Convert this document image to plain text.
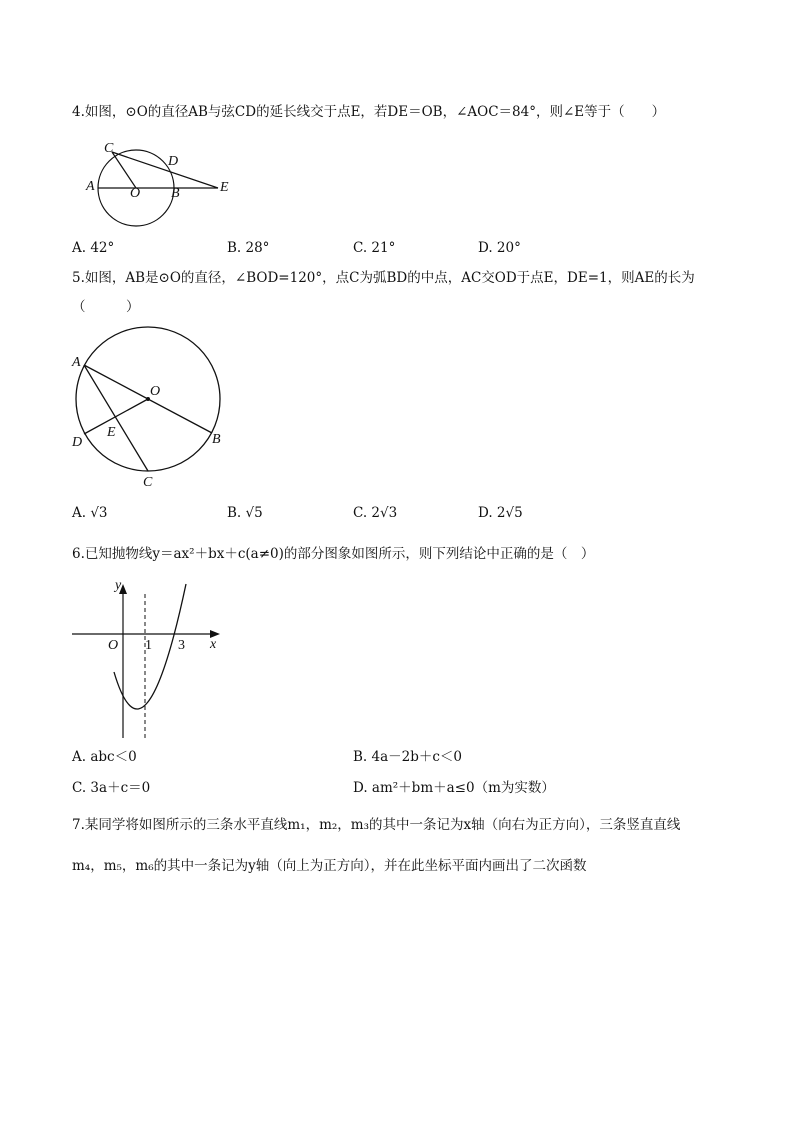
4.如图，⊙O的直径AB与弦CD的延长线交于点E，若DE＝OB，∠AOC＝84°，则∠E等于（　　）
C
D
A	O B	E
A. 42°	B. 28°	C. 21°	D. 20°
5.如图，AB是⊙O的直径，∠BOD=120°，点C为弧BD的中点，AC交OD于点E，DE=1，则AE的长为
（　　　）
A
O
E	B
D
C
A. √3	B. √5	C. 2√3	D. 2√5
6.已知抛物线y＝ax²＋bx＋c(a≠0)的部分图象如图所示，则下列结论中正确的是（　）
y
x
O 1 3
A. abc＜0	B. 4a－2b＋c＜0
C. 3a＋c＝0	D. am²＋bm＋a≤0（m为实数）
7.某同学将如图所示的三条水平直线m₁，m₂，m₃的其中一条记为x轴（向右为正方向），三条竖直直线
m₄，m₅，m₆的其中一条记为y轴（向上为正方向），并在此坐标平面内画出了二次函数
